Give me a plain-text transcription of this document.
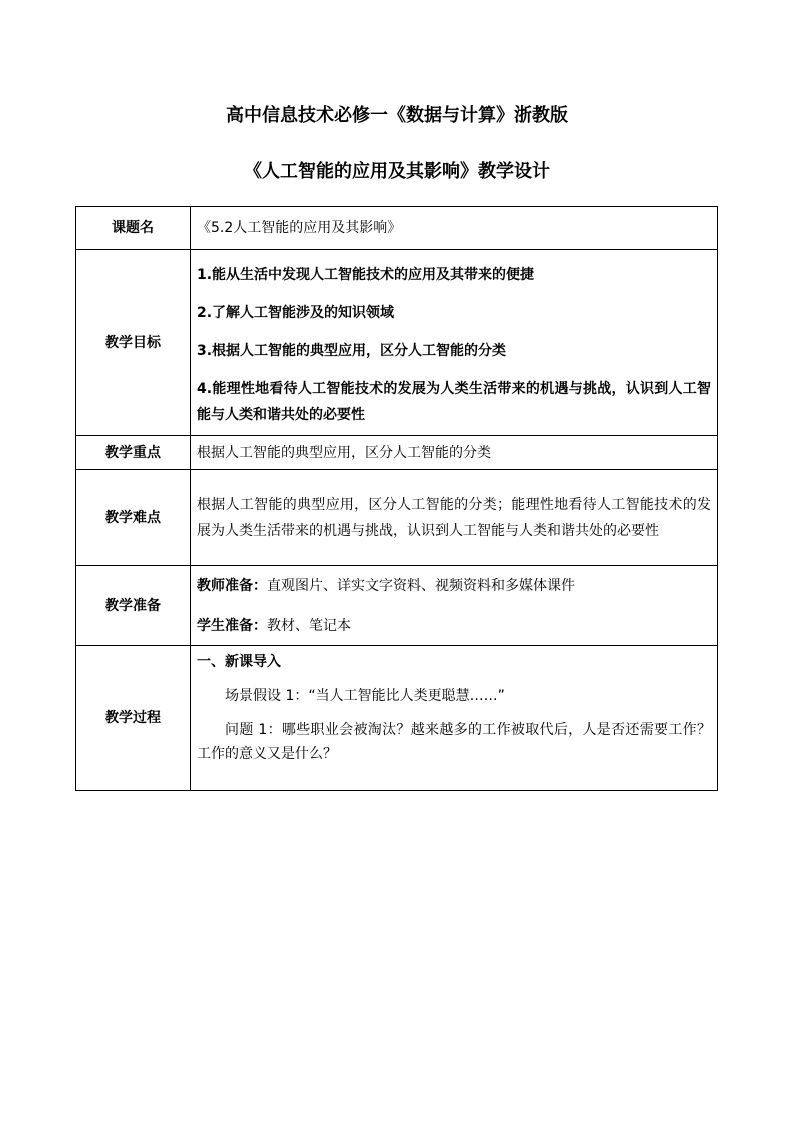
高中信息技术必修一《数据与计算》浙教版
《人工智能的应用及其影响》教学设计
课题名	《5.2人工智能的应用及其影响》
教学目标	1.能从生活中发现人工智能技术的应用及其带来的便捷

2.了解人工智能涉及的知识领域

3.根据人工智能的典型应用，区分人工智能的分类

4.能理性地看待人工智能技术的发展为人类生活带来的机遇与挑战，认识到人工智能与人类和谐共处的必要性

教学重点	根据人工智能的典型应用，区分人工智能的分类
教学难点	根据人工智能的典型应用，区分人工智能的分类；能理性地看待人工智能技术的发展为人类生活带来的机遇与挑战，认识到人工智能与人类和谐共处的必要性

教学准备	教师准备：直观图片、详实文字资料、视频资料和多媒体课件

学生准备：教材、笔记本

教学过程	一、新课导入

场景假设 1：“当人工智能比人类更聪慧……”

问题 1：哪些职业会被淘汰？越来越多的工作被取代后，人是否还需要工作？工作的意义又是什么？
